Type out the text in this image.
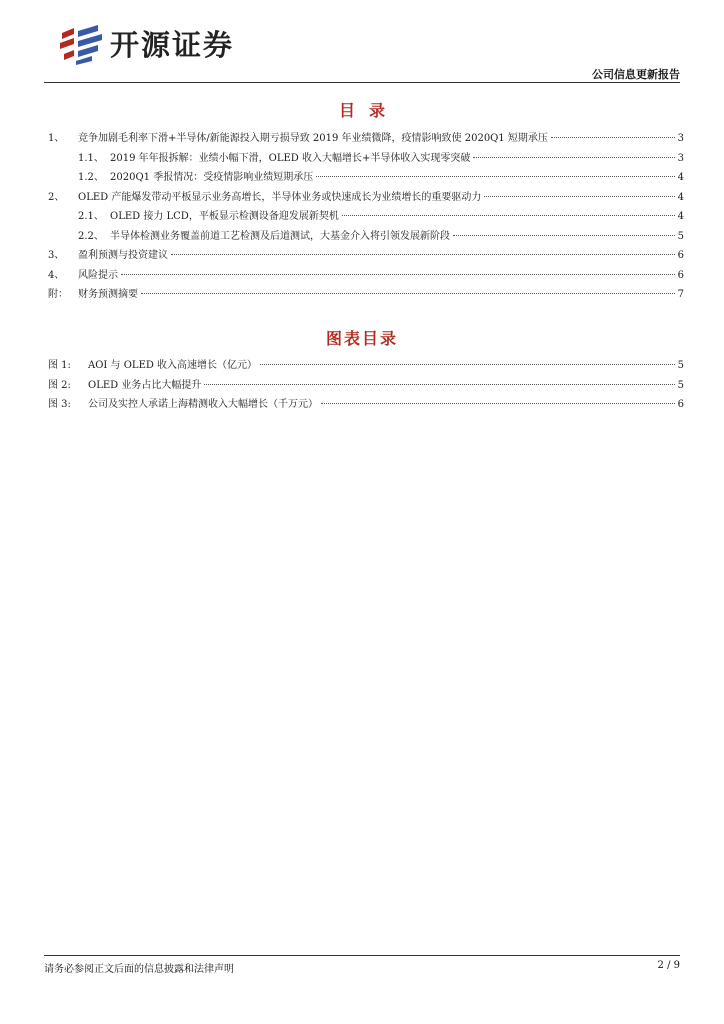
开源证券
公司信息更新报告
目录
1、	竞争加剧毛利率下滑+半导体/新能源投入期亏损导致 2019 年业绩微降，疫情影响致使 2020Q1 短期承压	3
1.1、 2019 年年报拆解：业绩小幅下滑，OLED 收入大幅增长+半导体收入实现零突破	3
1.2、 2020Q1 季报情况：受疫情影响业绩短期承压	4
2、	OLED 产能爆发带动平板显示业务高增长，半导体业务或快速成长为业绩增长的重要驱动力	4
2.1、 OLED 接力 LCD，平板显示检测设备迎发展新契机	4
2.2、 半导体检测业务覆盖前道工艺检测及后道测试，大基金介入将引领发展新阶段	5
3、	盈利预测与投资建议	6
4、	风险提示	6
附：	财务预测摘要	7
图表目录
图 1:	AOI 与 OLED 收入高速增长（亿元）	5
图 2:	OLED 业务占比大幅提升	5
图 3:	公司及实控人承诺上海精测收入大幅增长（千万元）	6
请务必参阅正文后面的信息披露和法律声明	2 / 9
